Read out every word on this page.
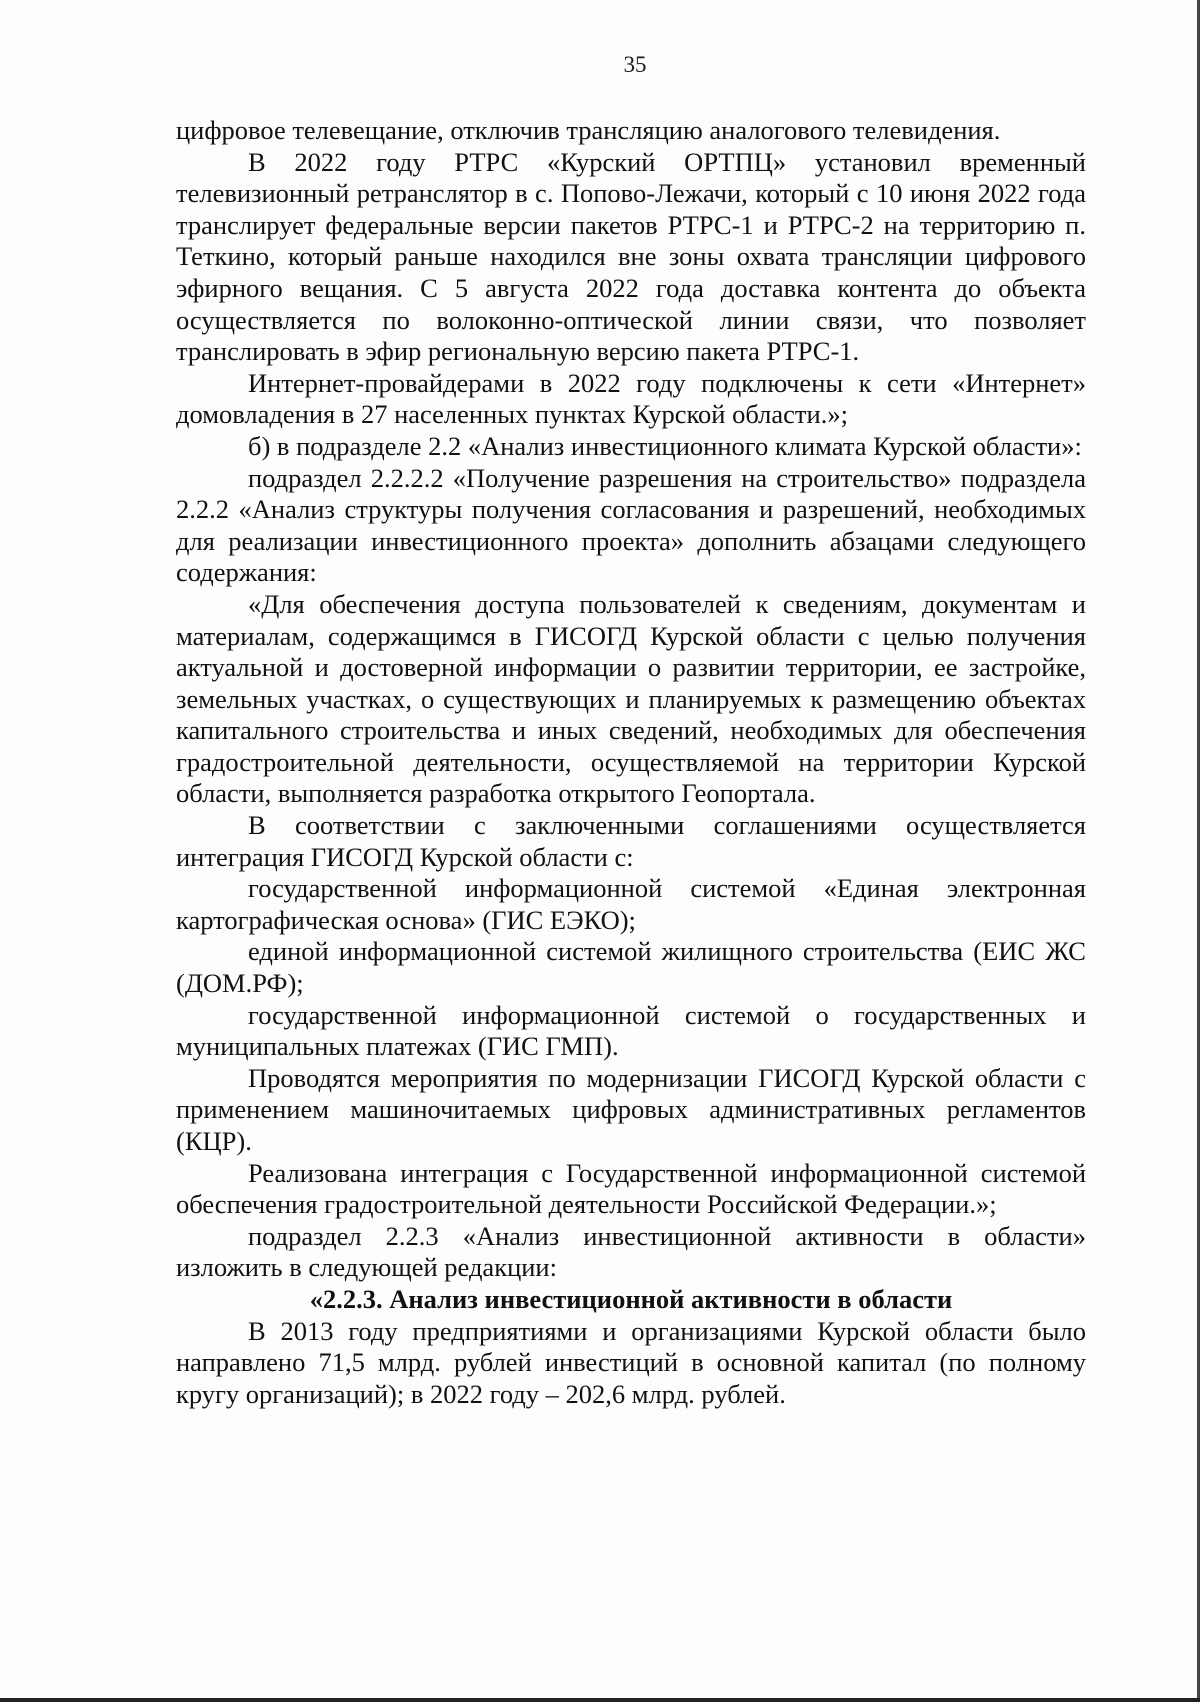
35

цифровое телевещание, отключив трансляцию аналогового телевидения.

В 2022 году РТРС «Курский ОРТПЦ» установил временный телевизионный ретранслятор в с. Попово-Лежачи, который с 10 июня 2022 года транслирует федеральные версии пакетов РТРС-1 и РТРС-2 на территорию п. Теткино, который раньше находился вне зоны охвата трансляции цифрового эфирного вещания. С 5 августа 2022 года доставка контента до объекта осуществляется по волоконно-оптической линии связи, что позволяет транслировать в эфир региональную версию пакета РТРС-1.

Интернет-провайдерами в 2022 году подключены к сети «Интернет» домовладения в 27 населенных пунктах Курской области.»;

б) в подразделе 2.2 «Анализ инвестиционного климата Курской области»:

подраздел 2.2.2.2 «Получение разрешения на строительство» подраздела 2.2.2 «Анализ структуры получения согласования и разрешений, необходимых для реализации инвестиционного проекта» дополнить абзацами следующего содержания:

«Для обеспечения доступа пользователей к сведениям, документам и материалам, содержащимся в ГИСОГД Курской области с целью получения актуальной и достоверной информации о развитии территории, ее застройке, земельных участках, о существующих и планируемых к размещению объектах капитального строительства и иных сведений, необходимых для обеспечения градостроительной деятельности, осуществляемой на территории Курской области, выполняется разработка открытого Геопортала.

В соответствии с заключенными соглашениями осуществляется интеграция ГИСОГД Курской области с:

государственной информационной системой «Единая электронная картографическая основа» (ГИС ЕЭКО);

единой информационной системой жилищного строительства (ЕИС ЖС (ДОМ.РФ);

государственной информационной системой о государственных и муниципальных платежах (ГИС ГМП).

Проводятся мероприятия по модернизации ГИСОГД Курской области с применением машиночитаемых цифровых административных регламентов (КЦР).

Реализована интеграция с Государственной информационной системой обеспечения градостроительной деятельности Российской Федерации.»;

подраздел 2.2.3 «Анализ инвестиционной активности в области» изложить в следующей редакции:

«2.2.3. Анализ инвестиционной активности в области

В 2013 году предприятиями и организациями Курской области было направлено 71,5 млрд. рублей инвестиций в основной капитал (по полному кругу организаций); в 2022 году – 202,6 млрд. рублей.
